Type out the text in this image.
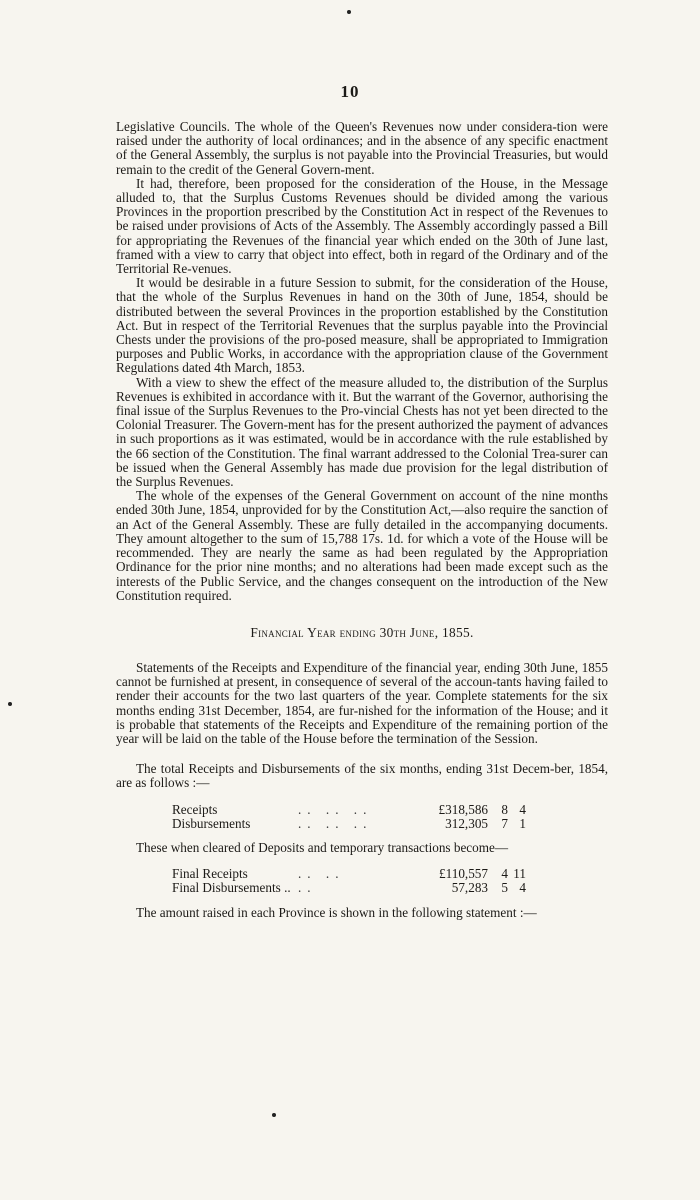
10

Legislative Councils. The whole of the Queen's Revenues now under considera-tion were raised under the authority of local ordinances; and in the absence of any specific enactment of the General Assembly, the surplus is not payable into the Provincial Treasuries, but would remain to the credit of the General Govern-ment.

It had, therefore, been proposed for the consideration of the House, in the Message alluded to, that the Surplus Customs Revenues should be divided among the various Provinces in the proportion prescribed by the Constitution Act in respect of the Revenues to be raised under provisions of Acts of the Assembly. The Assembly accordingly passed a Bill for appropriating the Revenues of the financial year which ended on the 30th of June last, framed with a view to carry that object into effect, both in regard of the Ordinary and of the Territorial Re-venues.

It would be desirable in a future Session to submit, for the consideration of the House, that the whole of the Surplus Revenues in hand on the 30th of June, 1854, should be distributed between the several Provinces in the proportion established by the Constitution Act. But in respect of the Territorial Revenues that the surplus payable into the Provincial Chests under the provisions of the pro-posed measure, shall be appropriated to Immigration purposes and Public Works, in accordance with the appropriation clause of the Government Regulations dated 4th March, 1853.

With a view to shew the effect of the measure alluded to, the distribution of the Surplus Revenues is exhibited in accordance with it. But the warrant of the Governor, authorising the final issue of the Surplus Revenues to the Pro-vincial Chests has not yet been directed to the Colonial Treasurer. The Govern-ment has for the present authorized the payment of advances in such proportions as it was estimated, would be in accordance with the rule established by the 66 section of the Constitution. The final warrant addressed to the Colonial Trea-surer can be issued when the General Assembly has made due provision for the legal distribution of the Surplus Revenues.

The whole of the expenses of the General Government on account of the nine months ended 30th June, 1854, unprovided for by the Constitution Act,—also require the sanction of an Act of the General Assembly. These are fully detailed in the accompanying documents. They amount altogether to the sum of 15,788 17s. 1d. for which a vote of the House will be recommended. They are nearly the same as had been regulated by the Appropriation Ordinance for the prior nine months; and no alterations had been made except such as the interests of the Public Service, and the changes consequent on the introduction of the New Constitution required.

Financial Year ending 30th June, 1855.

Statements of the Receipts and Expenditure of the financial year, ending 30th June, 1855 cannot be furnished at present, in consequence of several of the accoun-tants having failed to render their accounts for the two last quarters of the year. Complete statements for the six months ending 31st December, 1854, are fur-nished for the information of the House; and it is probable that statements of the Receipts and Expenditure of the remaining portion of the year will be laid on the table of the House before the termination of the Session.

The total Receipts and Disbursements of the six months, ending 31st Decem-ber, 1854, are as follows :—

Receipts	.. .. ..	£318,586	8 4
Disbursements	.. .. ..	312,305	7 1

These when cleared of Deposits and temporary transactions become—

Final Receipts	.. ..	£110,557	4 11
Final Disbursements .. ..	57,283	5 4

The amount raised in each Province is shown in the following statement :—
